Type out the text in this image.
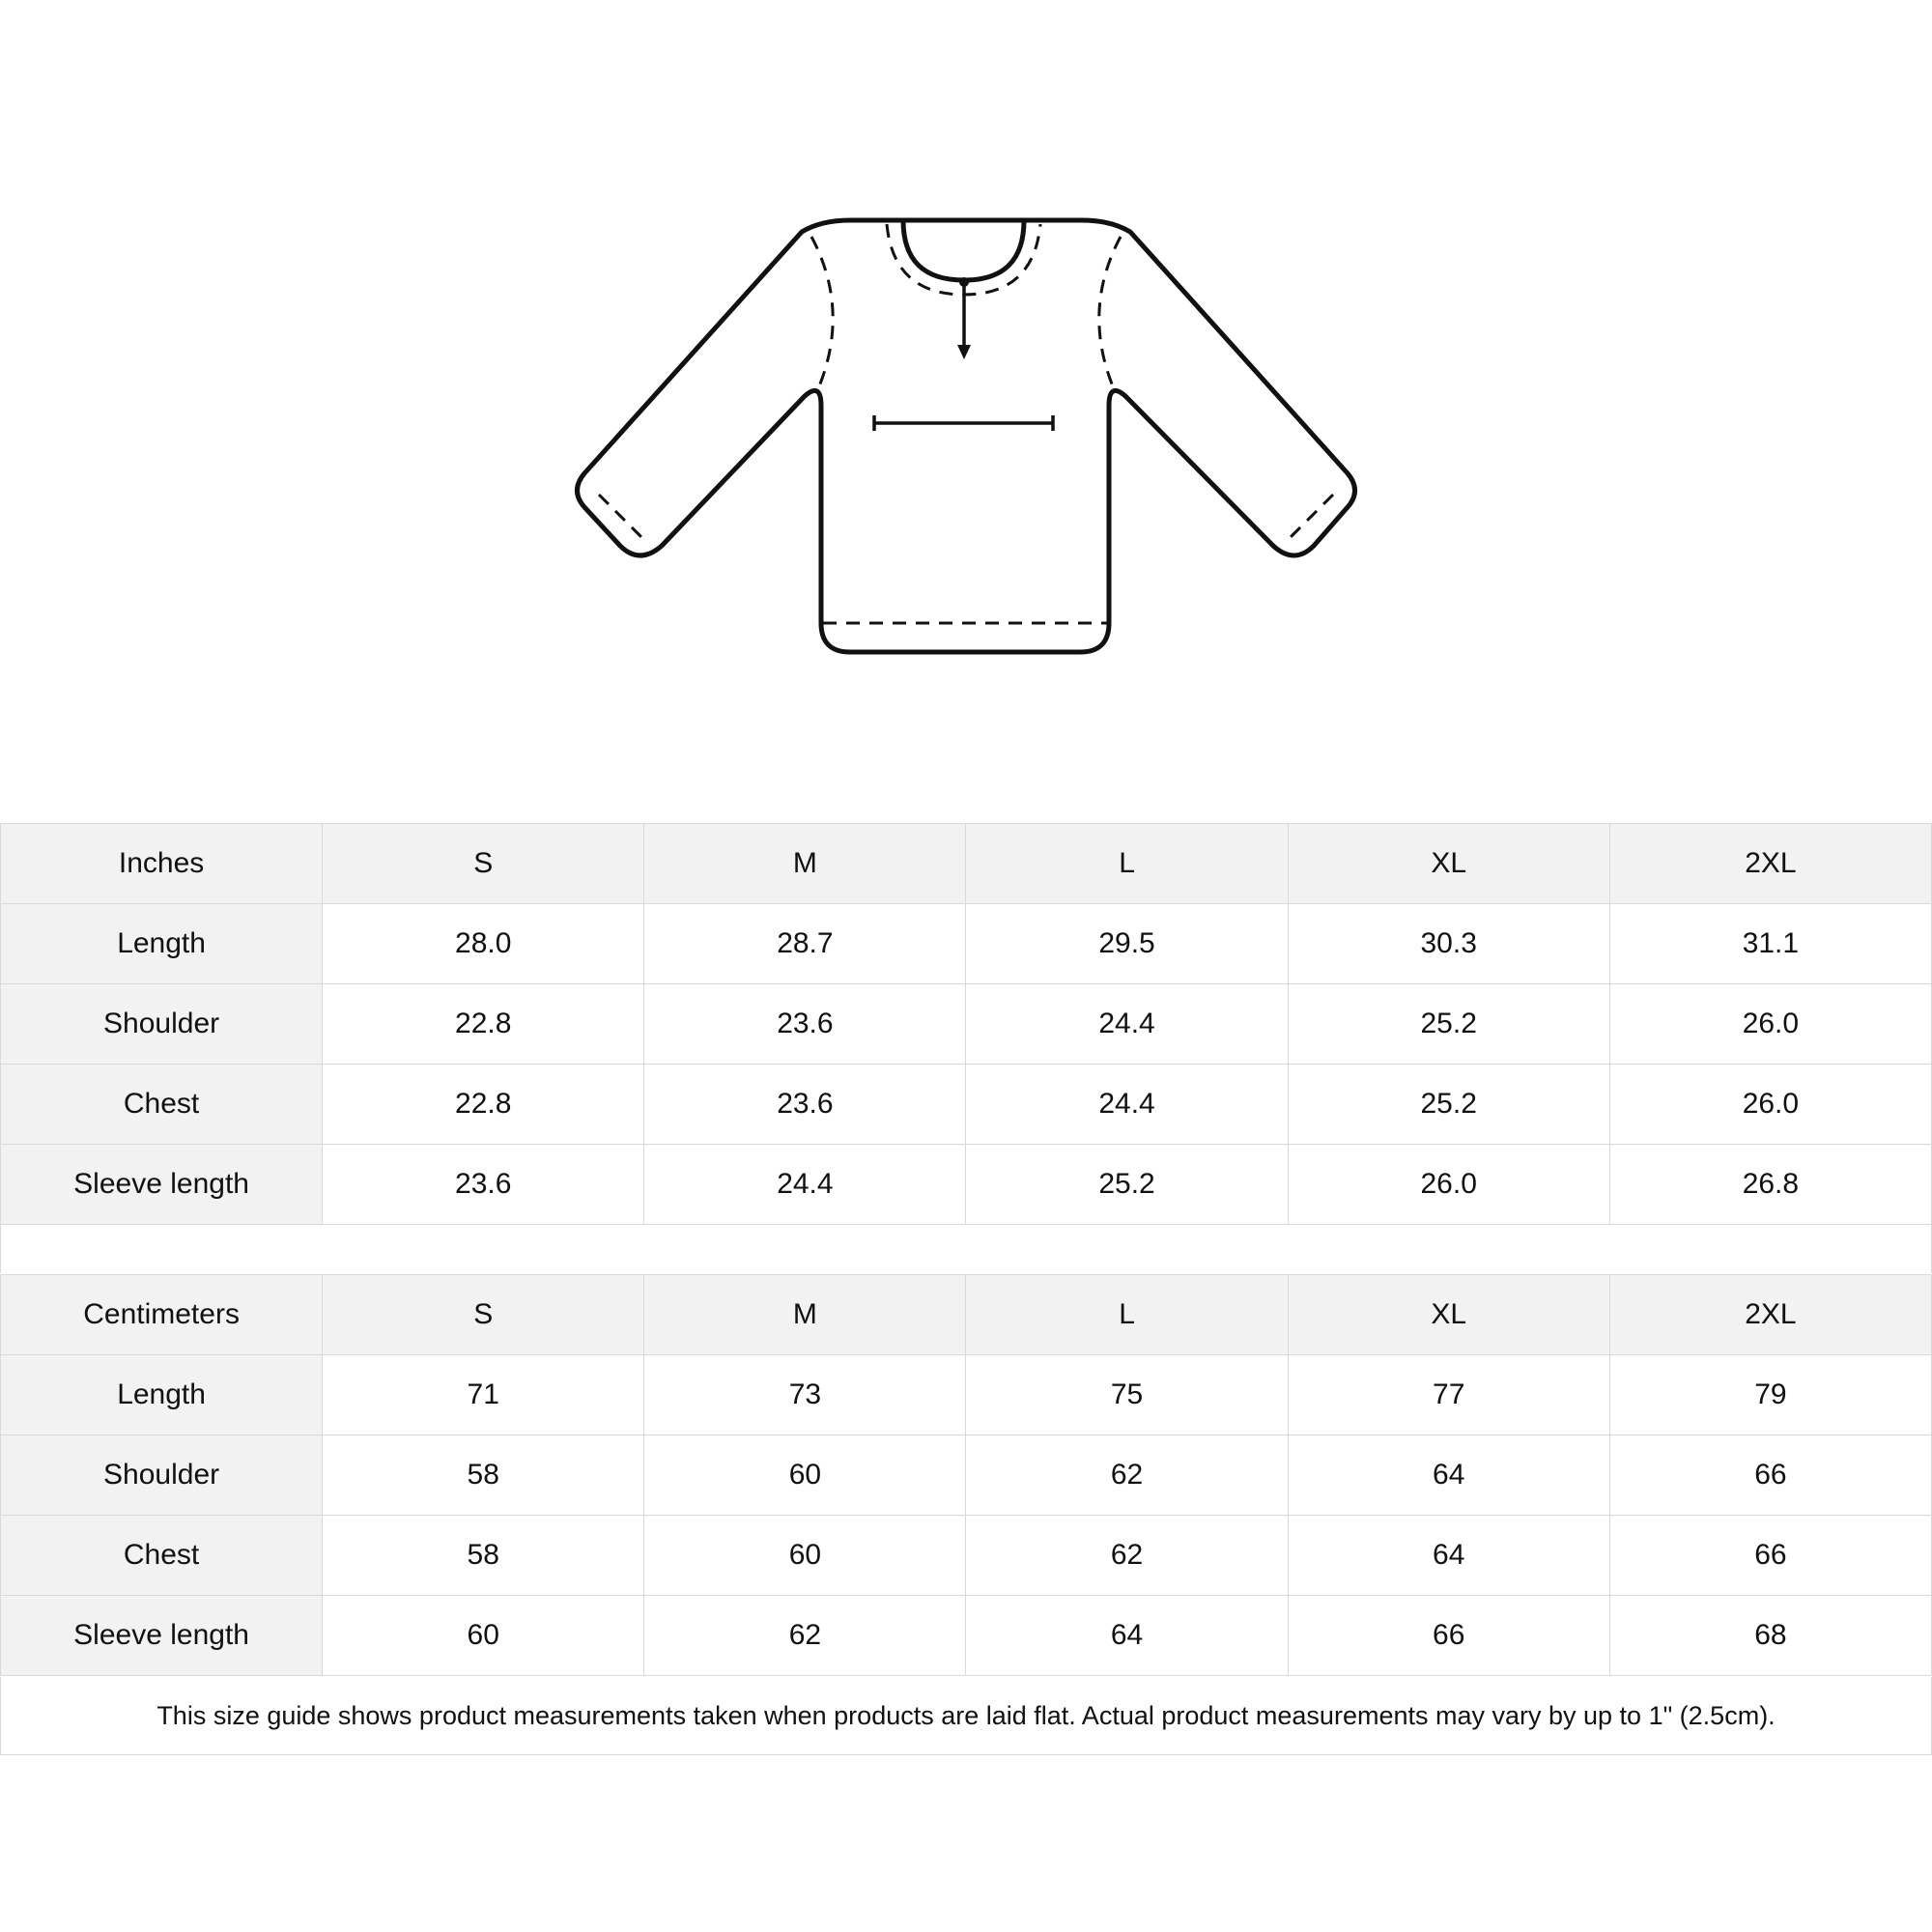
Inches	S	M	L	XL	2XL
Length	28.0	28.7	29.5	30.3	31.1
Shoulder	22.8	23.6	24.4	25.2	26.0
Chest	22.8	23.6	24.4	25.2	26.0
Sleeve length	23.6	24.4	25.2	26.0	26.8
Centimeters	S	M	L	XL	2XL
Length	71	73	75	77	79
Shoulder	58	60	62	64	66
Chest	58	60	62	64	66
Sleeve length	60	62	64	66	68
This size guide shows product measurements taken when products are laid flat. Actual product measurements may vary by up to 1" (2.5cm).
